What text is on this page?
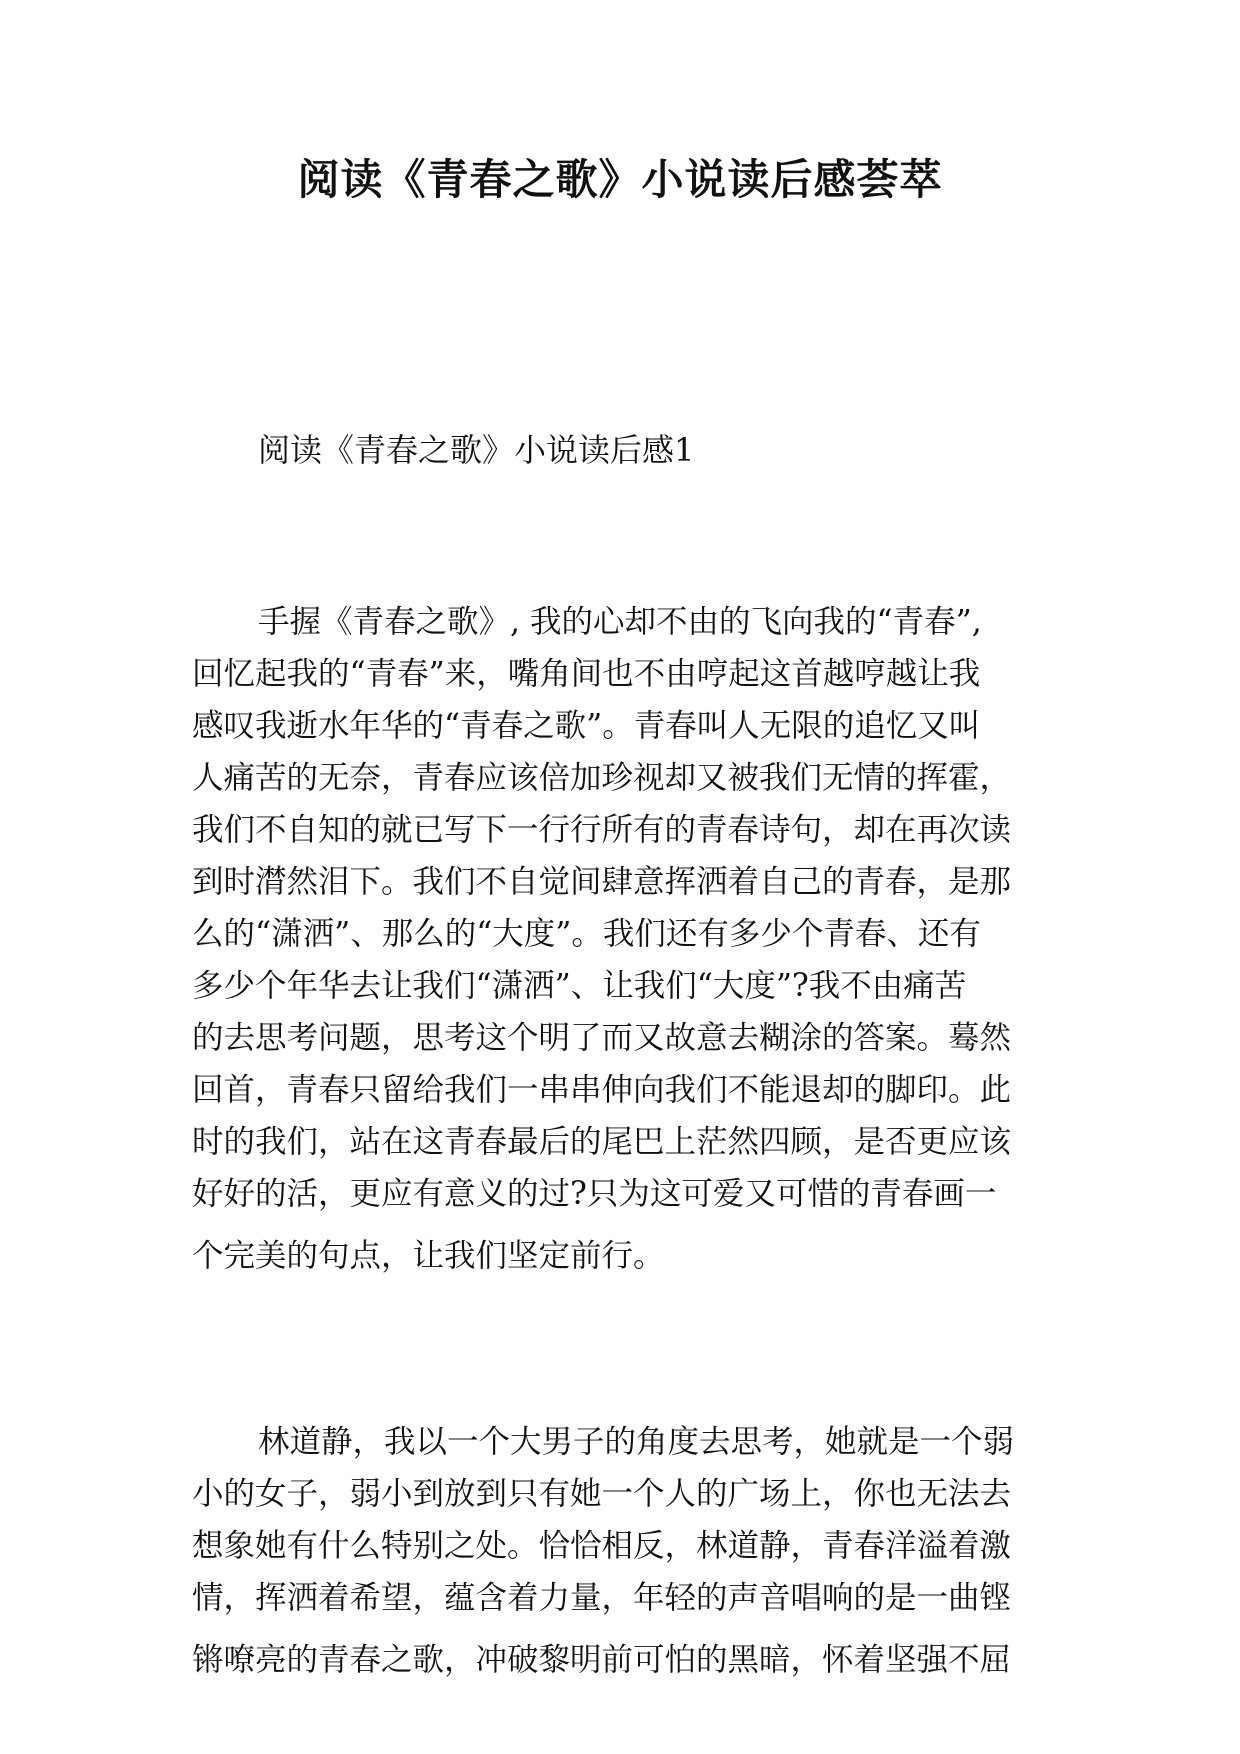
阅读《青春之歌》小说读后感荟萃

阅读《青春之歌》小说读后感1

手握《青春之歌》, 我的心却不由的飞向我的“青春”,
回忆起我的“青春”来，嘴角间也不由哼起这首越哼越让我
感叹我逝水年华的“青春之歌”。青春叫人无限的追忆又叫
人痛苦的无奈，青春应该倍加珍视却又被我们无情的挥霍，
我们不自知的就已写下一行行所有的青春诗句，却在再次读
到时潸然泪下。我们不自觉间肆意挥洒着自己的青春，是那
么的“潇洒”、那么的“大度”。我们还有多少个青春、还有
多少个年华去让我们“潇洒”、让我们“大度”?我不由痛苦
的去思考问题，思考这个明了而又故意去糊涂的答案。蓦然
回首，青春只留给我们一串串伸向我们不能退却的脚印。此
时的我们，站在这青春最后的尾巴上茫然四顾，是否更应该
好好的活，更应有意义的过?只为这可爱又可惜的青春画一
个完美的句点，让我们坚定前行。
林道静，我以一个大男子的角度去思考，她就是一个弱
小的女子，弱小到放到只有她一个人的广场上，你也无法去
想象她有什么特别之处。恰恰相反，林道静，青春洋溢着激
情，挥洒着希望，蕴含着力量，年轻的声音唱响的是一曲铿
锵嘹亮的青春之歌，冲破黎明前可怕的黑暗，怀着坚强不屈
